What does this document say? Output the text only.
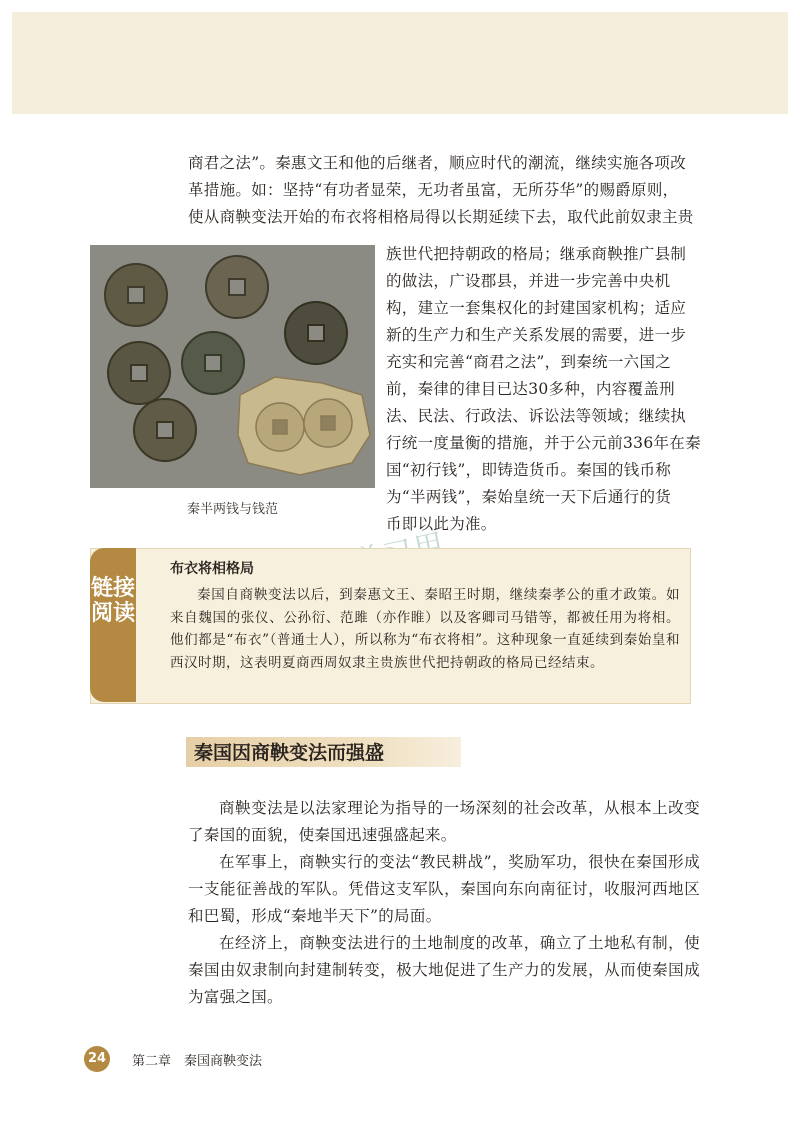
商君之法”。秦惠文王和他的后继者，顺应时代的潮流，继续实施各项改
革措施。如：坚持“有功者显荣，无功者虽富，无所芬华”的赐爵原则，
使从商鞅变法开始的布衣将相格局得以长期延续下去，取代此前奴隶主贵

秦半两钱与钱范

族世代把持朝政的格局；继承商鞅推广县制
的做法，广设郡县，并进一步完善中央机
构，建立一套集权化的封建国家机构；适应
新的生产力和生产关系发展的需要，进一步
充实和完善“商君之法”，到秦统一六国之
前，秦律的律目已达30多种，内容覆盖刑
法、民法、行政法、诉讼法等领域；继续执
行统一度量衡的措施，并于公元前336年在秦
国“初行钱”，即铸造货币。秦国的钱币称
为“半两钱”，秦始皇统一天下后通行的货
币即以此为准。

链接阅读
布衣将相格局

秦国自商鞅变法以后，到秦惠文王、秦昭王时期，继续秦孝公的重才政策。如来自魏国的张仪、公孙衍、范雎（亦作睢）以及客卿司马错等，都被任用为将相。他们都是“布衣”（普通士人），所以称为“布衣将相”。这种现象一直延续到秦始皇和西汉时期，这表明夏商西周奴隶主贵族世代把持朝政的格局已经结束。

秦国因商鞅变法而强盛
商鞅变法是以法家理论为指导的一场深刻的社会改革，从根本上改变了秦国的面貌，使秦国迅速强盛起来。
在军事上，商鞅实行的变法“教民耕战”，奖励军功，很快在秦国形成一支能征善战的军队。凭借这支军队，秦国向东向南征讨，收服河西地区和巴蜀，形成“秦地半天下”的局面。
在经济上，商鞅变法进行的土地制度的改革，确立了土地私有制，使秦国由奴隶制向封建制转变，极大地促进了生产力的发展，从而使秦国成为富强之国。
24	第二章　秦国商鞅变法
